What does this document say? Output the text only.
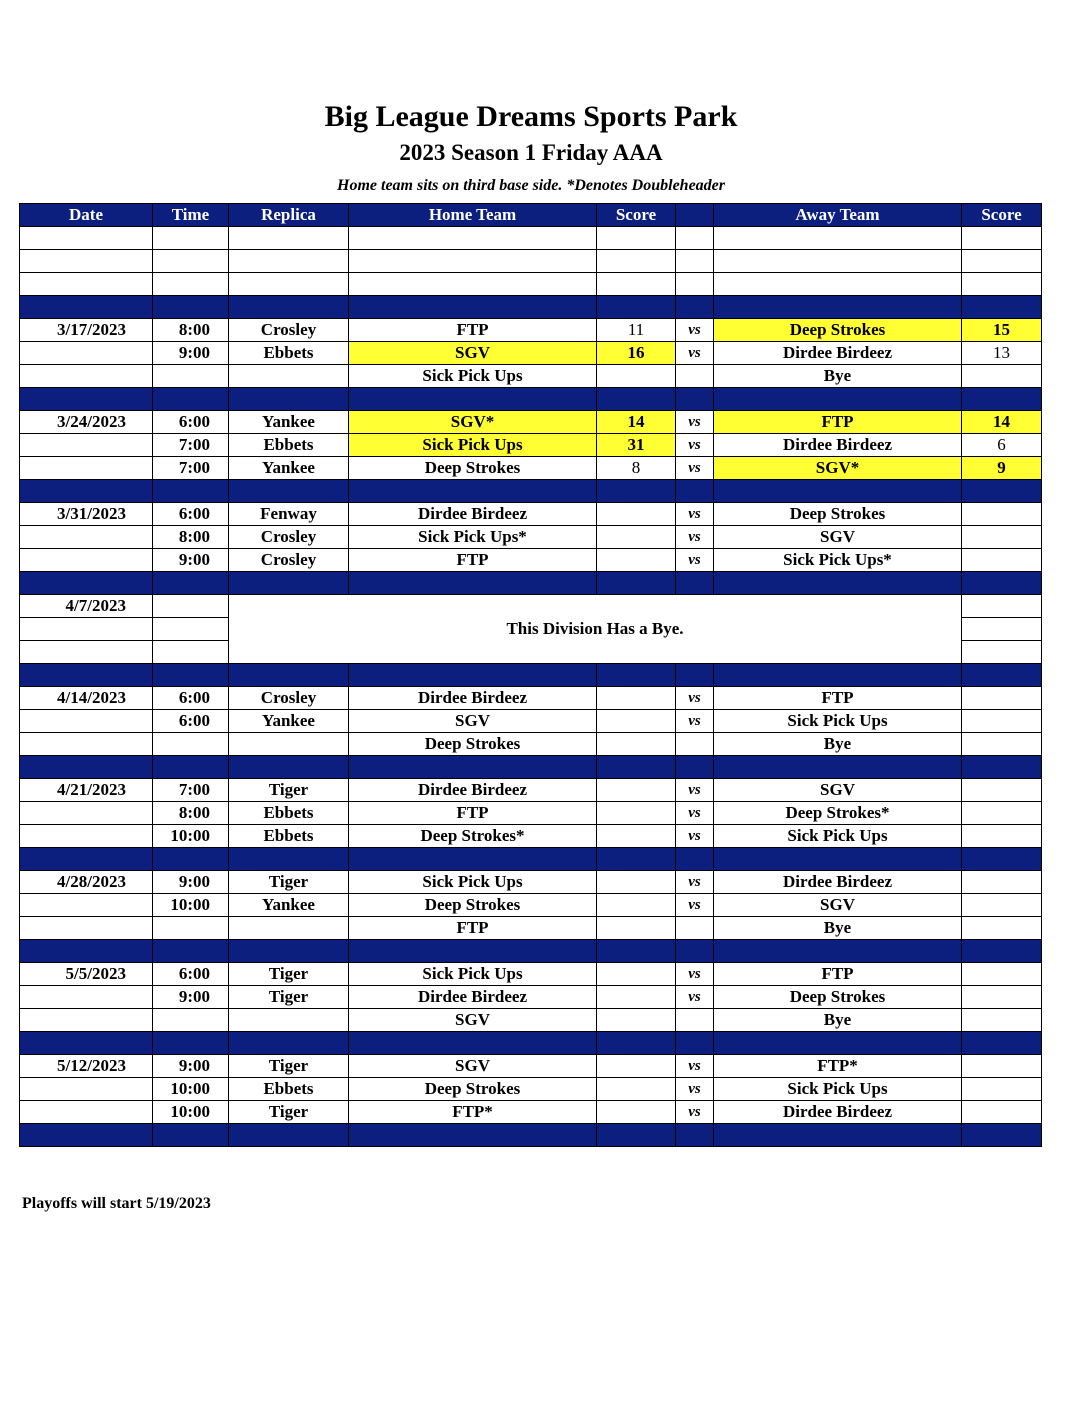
Big League Dreams Sports Park
2023 Season 1 Friday AAA
Home team sits on third base side. *Denotes Doubleheader
Date	Time	Replica	Home Team	Score		Away Team	Score

3/17/2023	8:00	Crosley	FTP	11	vs	Deep Strokes	15
	9:00	Ebbets	SGV	16	vs	Dirdee Birdeez	13
			Sick Pick Ups			Bye	

3/24/2023	6:00	Yankee	SGV*	14	vs	FTP	14
	7:00	Ebbets	Sick Pick Ups	31	vs	Dirdee Birdeez	6
	7:00	Yankee	Deep Strokes	8	vs	SGV*	9

3/31/2023	6:00	Fenway	Dirdee Birdeez		vs	Deep Strokes	
	8:00	Crosley	Sick Pick Ups*		vs	SGV	
	9:00	Crosley	FTP		vs	Sick Pick Ups*	

4/7/2023		This Division Has a Bye.					

4/14/2023	6:00	Crosley	Dirdee Birdeez		vs	FTP	
	6:00	Yankee	SGV		vs	Sick Pick Ups	
			Deep Strokes			Bye	

4/21/2023	7:00	Tiger	Dirdee Birdeez		vs	SGV	
	8:00	Ebbets	FTP		vs	Deep Strokes*	
	10:00	Ebbets	Deep Strokes*		vs	Sick Pick Ups	

4/28/2023	9:00	Tiger	Sick Pick Ups		vs	Dirdee Birdeez	
	10:00	Yankee	Deep Strokes		vs	SGV	
			FTP			Bye	

5/5/2023	6:00	Tiger	Sick Pick Ups		vs	FTP	
	9:00	Tiger	Dirdee Birdeez		vs	Deep Strokes	
			SGV			Bye	

5/12/2023	9:00	Tiger	SGV		vs	FTP*	
	10:00	Ebbets	Deep Strokes		vs	Sick Pick Ups	
	10:00	Tiger	FTP*		vs	Dirdee Birdeez	

Playoffs will start 5/19/2023
